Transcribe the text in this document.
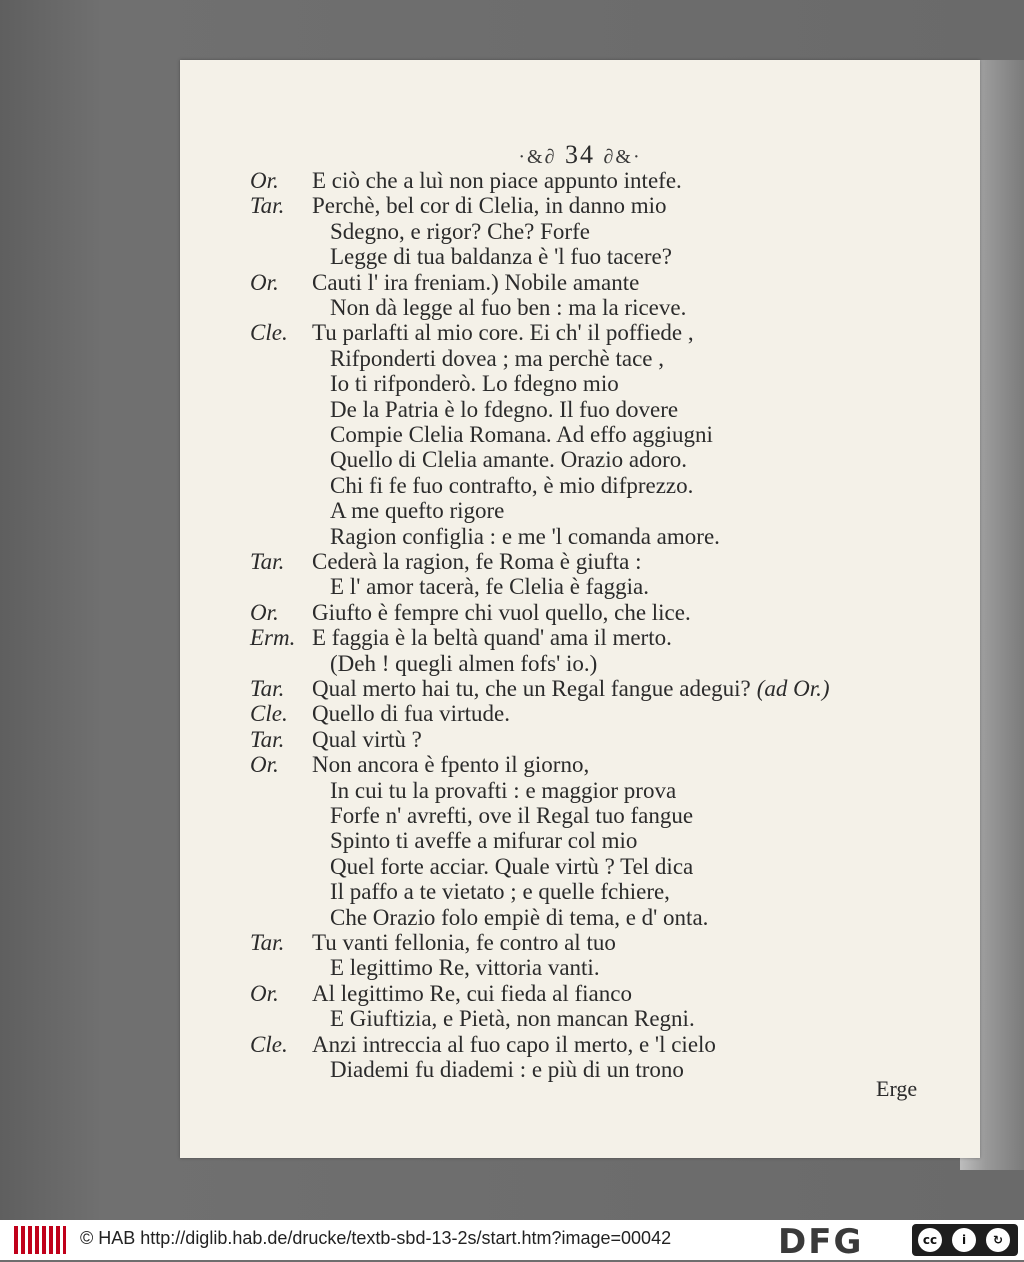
·&∂ 34 ∂&·
Or. E ciò che a luì non piace appunto intefe.
Tar. Perchè, bel cor di Clelia, in danno mio
Sdegno, e rigor? Che? Forfe
Legge di tua baldanza è 'l fuo tacere?
Or. Cauti l' ira freniam.) Nobile amante
Non dà legge al fuo ben : ma la riceve.
Cle. Tu parlafti al mio core. Ei ch' il poffiede ,
Rifponderti dovea ; ma perchè tace ,
Io ti rifponderò. Lo fdegno mio
De la Patria è lo fdegno. Il fuo dovere
Compie Clelia Romana. Ad effo aggiugni
Quello di Clelia amante. Orazio adoro.
Chi fi fe fuo contrafto, è mio difprezzo.
A me quefto rigore
Ragion configlia : e me 'l comanda amore.
Tar. Cederà la ragion, fe Roma è giufta :
E l' amor tacerà, fe Clelia è faggia.
Or. Giufto è fempre chi vuol quello, che lice.
Erm. E faggia è la beltà quand' ama il merto.
(Deh ! quegli almen fofs' io.)
Tar. Qual merto hai tu, che un Regal fangue adegui? (ad Or.)
Cle. Quello di fua virtude.
Tar. Qual virtù ?
Or. Non ancora è fpento il giorno,
In cui tu la provafti : e maggior prova
Forfe n' avrefti, ove il Regal tuo fangue
Spinto ti aveffe a mifurar col mio
Quel forte acciar. Quale virtù ? Tel dica
Il paffo a te vietato ; e quelle fchiere,
Che Orazio folo empiè di tema, e d' onta.
Tar. Tu vanti fellonia, fe contro al tuo
E legittimo Re, vittoria vanti.
Or. Al legittimo Re, cui fieda al fianco
E Giuftizia, e Pietà, non mancan Regni.
Cle. Anzi intreccia al fuo capo il merto, e 'l cielo
Diademi fu diademi : e più di un trono
Erge
© HAB http://diglib.hab.de/drucke/textb-sbd-13-2s/start.htm?image=00042	DFG	cc	i	↻
